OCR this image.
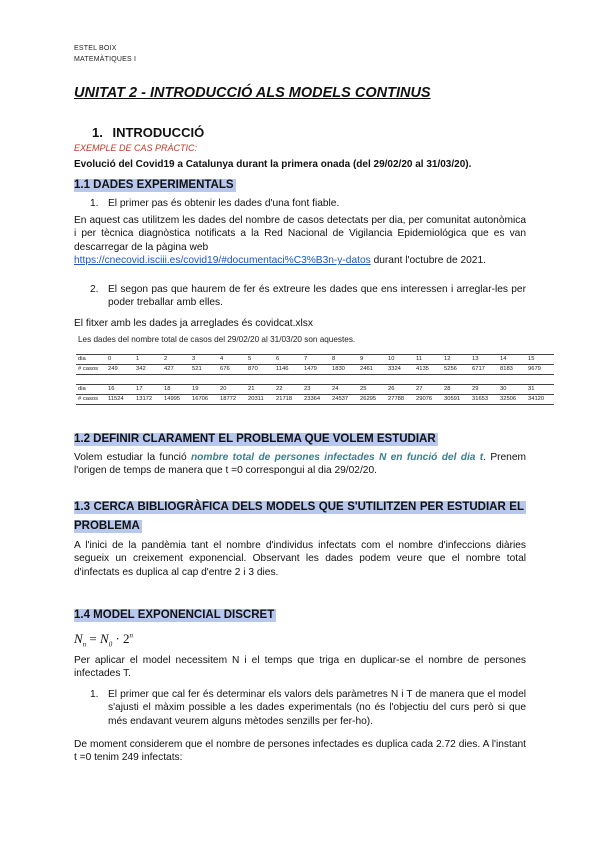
ESTEL BOIX
MATEMÀTIQUES I
UNITAT 2 - INTRODUCCIÓ ALS MODELS CONTINUS
1. INTRODUCCIÓ
EXEMPLE DE CAS PRÀCTIC:
Evolució del Covid19 a Catalunya durant la primera onada (del 29/02/20 al 31/03/20).
1.1 DADES EXPERIMENTALS
1. El primer pas és obtenir les dades d'una font fiable.
En aquest cas utilitzem les dades del nombre de casos detectats per dia, per comunitat autonòmica i per tècnica diagnòstica notificats a la Red Nacional de Vigilancia Epidemiológica que es van descarregar de la pàgina web
https://cnecovid.isciii.es/covid19/#documentaci%C3%B3n-y-datos durant l'octubre de 2021.
2. El segon pas que haurem de fer és extreure les dades que ens interessen i arreglar-les per poder treballar amb elles.
El fitxer amb les dades ja arreglades és covidcat.xlsx
Les dades del nombre total de casos del 29/02/20 al 31/03/20 son aquestes.
dia	0	1	2	3	4	5	6	7	8	9	10	11	12	13	14	15
# casos	249	342	427	521	676	870	1146	1479	1830	2461	3324	4135	5256	6717	8183	9679
dia	16	17	18	19	20	21	22	23	24	25	26	27	28	29	30	31
# casos	11524	13172	14995	16706	18772	20311	21718	23364	24537	26295	27788	29076	30591	31653	32506	34120
1.2 DEFINIR CLARAMENT EL PROBLEMA QUE VOLEM ESTUDIAR
Volem estudiar la funció nombre total de persones infectades N en funció del dia t. Prenem l'origen de temps de manera que t =0 correspongui al dia 29/02/20.
1.3 CERCA BIBLIOGRÀFICA DELS MODELS QUE S'UTILITZEN PER ESTUDIAR EL
PROBLEMA
A l'inici de la pandèmia tant el nombre d'individus infectats com el nombre d'infeccions diàries segueix un creixement exponencial. Observant les dades podem veure que el nombre total d'infectats es duplica al cap d'entre 2 i 3 dies.
1.4 MODEL EXPONENCIAL DISCRET
$N_n = N_0 \cdot 2^n$
Per aplicar el model necessitem N i el temps que triga en duplicar-se el nombre de persones infectades T.
1. El primer que cal fer és determinar els valors dels paràmetres N i T de manera que el model s'ajusti el màxim possible a les dades experimentals (no és l'objectiu del curs però si que més endavant veurem alguns mètodes senzills per fer-ho).
De moment considerem que el nombre de persones infectades es duplica cada 2.72 dies. A l'instant t =0 tenim 249 infectats:
